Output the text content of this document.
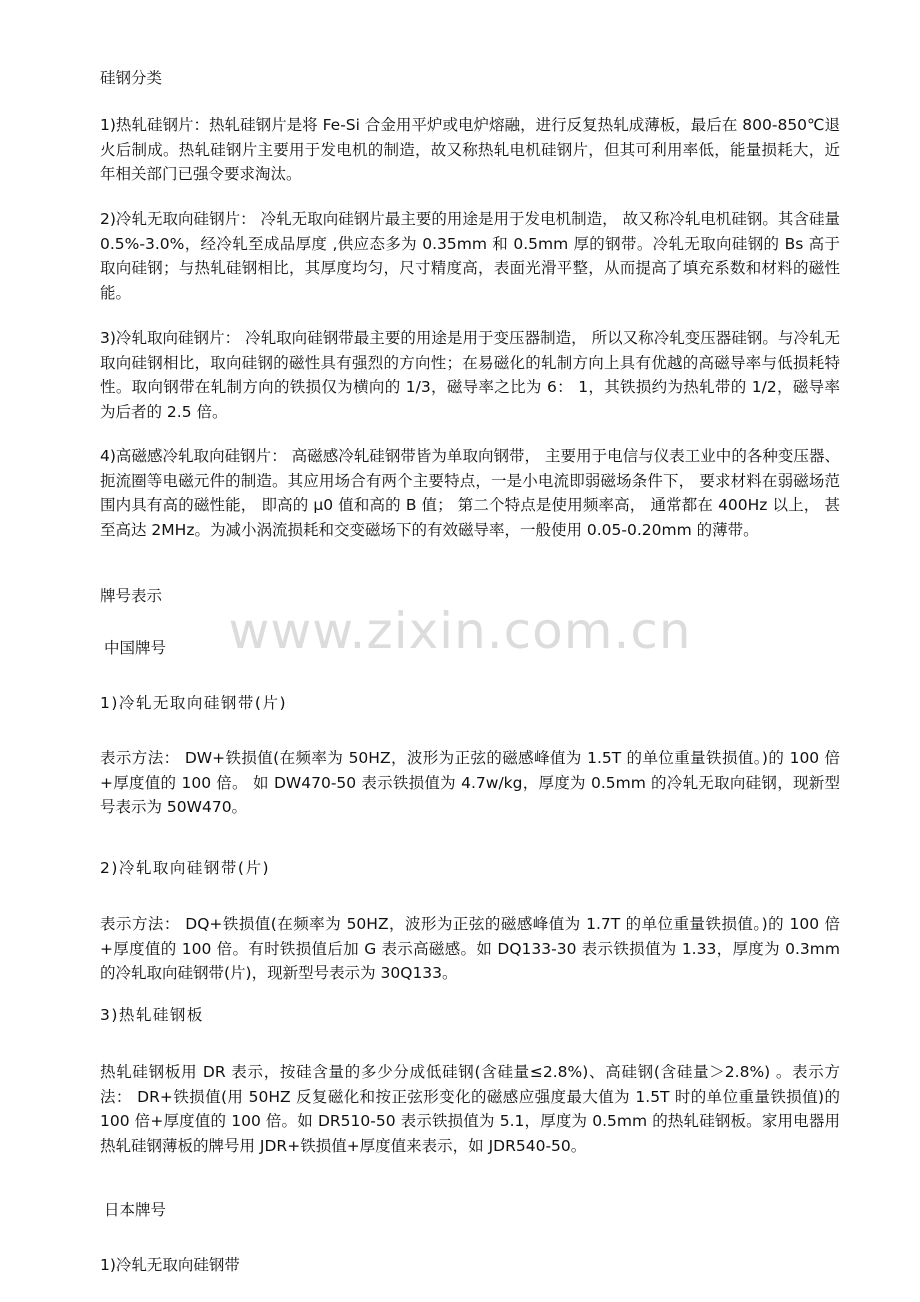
www.zixin.com.cn
硅钢分类
1)热轧硅钢片：热轧硅钢片是将 Fe-Si 合金用平炉或电炉熔融，进行反复热轧成薄板，最后在 800-850℃退火后制成。热轧硅钢片主要用于发电机的制造，故又称热轧电机硅钢片，但其可利用率低，能量损耗大，近年相关部门已强令要求淘汰。
2)冷轧无取向硅钢片： 冷轧无取向硅钢片最主要的用途是用于发电机制造， 故又称冷轧电机硅钢。其含硅量 0.5%-3.0%，经冷轧至成品厚度 ,供应态多为 0.35mm 和 0.5mm 厚的钢带。冷轧无取向硅钢的 Bs 高于取向硅钢；与热轧硅钢相比，其厚度均匀，尺寸精度高，表面光滑平整，从而提高了填充系数和材料的磁性能。
3)冷轧取向硅钢片： 冷轧取向硅钢带最主要的用途是用于变压器制造， 所以又称冷轧变压器硅钢。与冷轧无取向硅钢相比，取向硅钢的磁性具有强烈的方向性；在易磁化的轧制方向上具有优越的高磁导率与低损耗特性。取向钢带在轧制方向的铁损仅为横向的 1/3，磁导率之比为 6： 1，其铁损约为热轧带的 1/2，磁导率为后者的 2.5 倍。
4)高磁感冷轧取向硅钢片： 高磁感冷轧硅钢带皆为单取向钢带， 主要用于电信与仪表工业中的各种变压器、扼流圈等电磁元件的制造。其应用场合有两个主要特点，一是小电流即弱磁场条件下， 要求材料在弱磁场范围内具有高的磁性能， 即高的 μ0 值和高的 B 值； 第二个特点是使用频率高， 通常都在 400Hz 以上， 甚至高达 2MHz。为减小涡流损耗和交变磁场下的有效磁导率，一般使用 0.05-0.20mm 的薄带。
牌号表示
中国牌号
1)冷轧无取向硅钢带(片)
表示方法： DW+铁损值(在频率为 50HZ，波形为正弦的磁感峰值为 1.5T 的单位重量铁损值。)的 100 倍+厚度值的 100 倍。 如 DW470-50 表示铁损值为 4.7w/kg，厚度为 0.5mm 的冷轧无取向硅钢，现新型号表示为 50W470。
2)冷轧取向硅钢带(片)
表示方法： DQ+铁损值(在频率为 50HZ，波形为正弦的磁感峰值为 1.7T 的单位重量铁损值。)的 100 倍+厚度值的 100 倍。有时铁损值后加 G 表示高磁感。如 DQ133-30 表示铁损值为 1.33，厚度为 0.3mm 的冷轧取向硅钢带(片)，现新型号表示为 30Q133。
3)热轧硅钢板
热轧硅钢板用 DR 表示，按硅含量的多少分成低硅钢(含硅量≤2.8%)、高硅钢(含硅量＞2.8%) 。表示方法： DR+铁损值(用 50HZ 反复磁化和按正弦形变化的磁感应强度最大值为 1.5T 时的单位重量铁损值)的 100 倍+厚度值的 100 倍。如 DR510-50 表示铁损值为 5.1，厚度为 0.5mm 的热轧硅钢板。家用电器用热轧硅钢薄板的牌号用 JDR+铁损值+厚度值来表示，如 JDR540-50。
日本牌号
1)冷轧无取向硅钢带
